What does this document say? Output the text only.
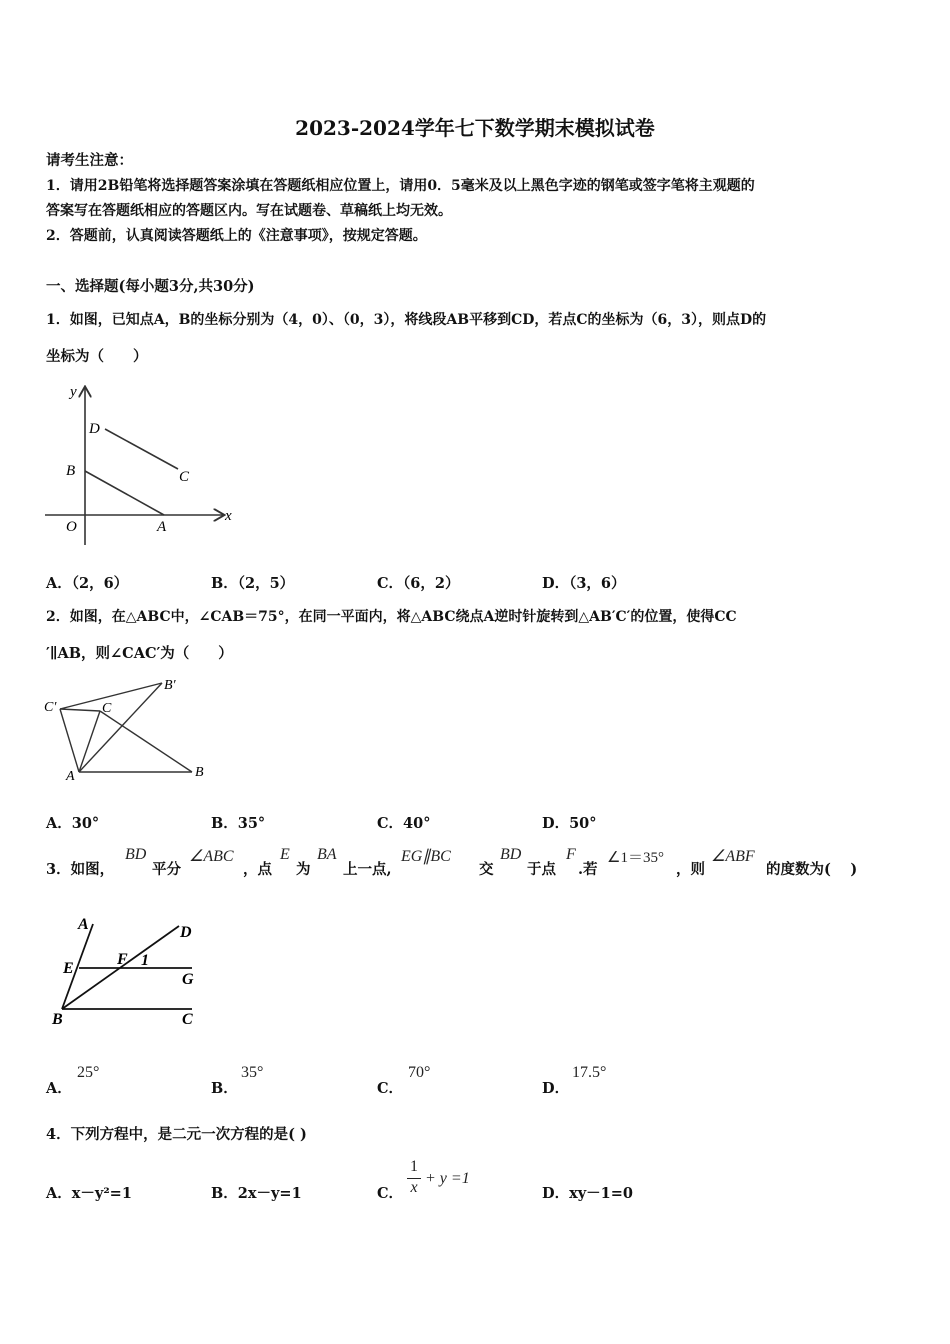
2023-2024学年七下数学期末模拟试卷
请考生注意：
1．请用2B铅笔将选择题答案涂填在答题纸相应位置上，请用0．5毫米及以上黑色字迹的钢笔或签字笔将主观题的
答案写在答题纸相应的答题区内。写在试题卷、草稿纸上均无效。
2．答题前，认真阅读答题纸上的《注意事项》，按规定答题。
一、选择题(每小题3分,共30分)
1．如图，已知点A，B的坐标分别为（4，0）、（0，3），将线段AB平移到CD，若点C的坐标为（6，3），则点D的
坐标为（　　）
y
x
O	A
B	C
D
A．（2，6）	B．（2，5）	C．（6，2）	D．（3，6）
2．如图，在△ABC中，∠CAB＝75°，在同一平面内，将△ABC绕点A逆时针旋转到△AB′C′的位置，使得CC
′∥AB，则∠CAC′为（　　）
C′	C
B′
A	B
A．30°	B．35°	C．40°	D．50°
3．如图，
BD
平分
∠ABC
，点
E
为
BA
上一点,
EG∥BC
交
BD
于点
F
.若
∠1＝35°
，则
∠ABF
的度数为(　 )
A	D
E
F 1
G
B	C
A．
25°
B．
35°
C．
70°
D．
17.5°
4．下列方程中，是二元一次方程的是( )
A．x－y²=1	B．2x－y=1	C．
1
x
+ y =1
D．xy－1=0
